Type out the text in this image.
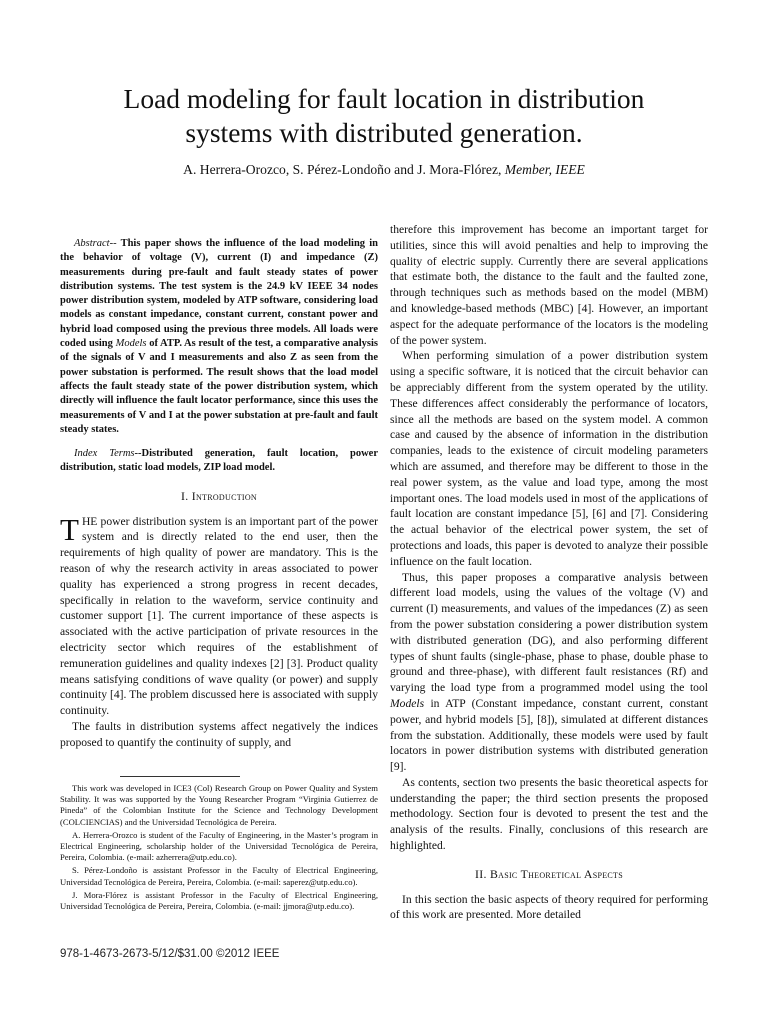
Load modeling for fault location in distribution
systems with distributed generation.

A. Herrera-Orozco, S. Pérez-Londoño and J. Mora-Flórez, Member, IEEE

Abstract-- This paper shows the influence of the load modeling in the behavior of voltage (V), current (I) and impedance (Z) measurements during pre-fault and fault steady states of power distribution systems. The test system is the 24.9 kV IEEE 34 nodes power distribution system, modeled by ATP software, considering load models as constant impedance, constant current, constant power and hybrid load composed using the previous three models. All loads were coded using Models of ATP. As result of the test, a comparative analysis of the signals of V and I measurements and also Z as seen from the power substation is performed. The result shows that the load model affects the fault steady state of the power distribution system, which directly will influence the fault locator performance, since this uses the measurements of V and I at the power substation at pre-fault and fault steady states.

Index Terms--Distributed generation, fault location, power distribution, static load models, ZIP load model.

I. Introduction

THE power distribution system is an important part of the power system and is directly related to the end user, then the requirements of high quality of power are mandatory. This is the reason of why the research activity in areas associated to power quality has experienced a strong progress in recent decades, specifically in relation to the waveform, service continuity and customer support [1]. The current importance of these aspects is associated with the active participation of private resources in the electricity sector which requires of the establishment of remuneration guidelines and quality indexes [2] [3]. Product quality means satisfying conditions of wave quality (or power) and supply continuity [4]. The problem discussed here is associated with supply continuity.

The faults in distribution systems affect negatively the indices proposed to quantify the continuity of supply, and

This work was developed in ICE3 (Col) Research Group on Power Quality and System Stability. It was was supported by the Young Researcher Program “Virginia Gutierrez de Pineda” of the Colombian Institute for the Science and Technology Development (COLCIENCIAS) and the Universidad Tecnológica de Pereira.

A. Herrera-Orozco is student of the Faculty of Engineering, in the Master’s program in Electrical Engineering, scholarship holder of the Universidad Tecnológica de Pereira, Pereira, Colombia. (e-mail: azherrera@utp.edu.co).

S. Pérez-Londoño is assistant Professor in the Faculty of Electrical Engineering, Universidad Tecnológica de Pereira, Pereira, Colombia. (e-mail: saperez@utp.edu.co).

J. Mora-Flórez is assistant Professor in the Faculty of Electrical Engineering, Universidad Tecnológica de Pereira, Pereira, Colombia. (e-mail: jjmora@utp.edu.co).

978-1-4673-2673-5/12/$31.00 ©2012 IEEE

therefore this improvement has become an important target for utilities, since this will avoid penalties and help to improving the quality of electric supply. Currently there are several applications that estimate both, the distance to the fault and the faulted zone, through techniques such as methods based on the model (MBM) and knowledge-based methods (MBC) [4]. However, an important aspect for the adequate performance of the locators is the modeling of the power system.

When performing simulation of a power distribution system using a specific software, it is noticed that the circuit behavior can be appreciably different from the system operated by the utility. These differences affect considerably the performance of locators, since all the methods are based on the system model. A common case and caused by the absence of information in the distribution companies, leads to the existence of circuit modeling parameters which are assumed, and therefore may be different to those in the real power system, as the value and load type, among the most important ones. The load models used in most of the applications of fault location are constant impedance [5], [6] and [7]. Considering the actual behavior of the electrical power system, the set of protections and loads, this paper is devoted to analyze their possible influence on the fault location.

Thus, this paper proposes a comparative analysis between different load models, using the values of the voltage (V) and current (I) measurements, and values of the impedances (Z) as seen from the power substation considering a power distribution system with distributed generation (DG), and also performing different types of shunt faults (single-phase, phase to phase, double phase to ground and three-phase), with different fault resistances (Rf) and varying the load type from a programmed model using the tool Models in ATP (Constant impedance, constant current, constant power, and hybrid models [5], [8]), simulated at different distances from the substation. Additionally, these models were used by fault locators in power distribution systems with distributed generation [9].

As contents, section two presents the basic theoretical aspects for understanding the paper; the third section presents the proposed methodology. Section four is devoted to present the test and the analysis of the results. Finally, conclusions of this research are highlighted.

II. Basic Theoretical Aspects

In this section the basic aspects of theory required for performing of this work are presented. More detailed
